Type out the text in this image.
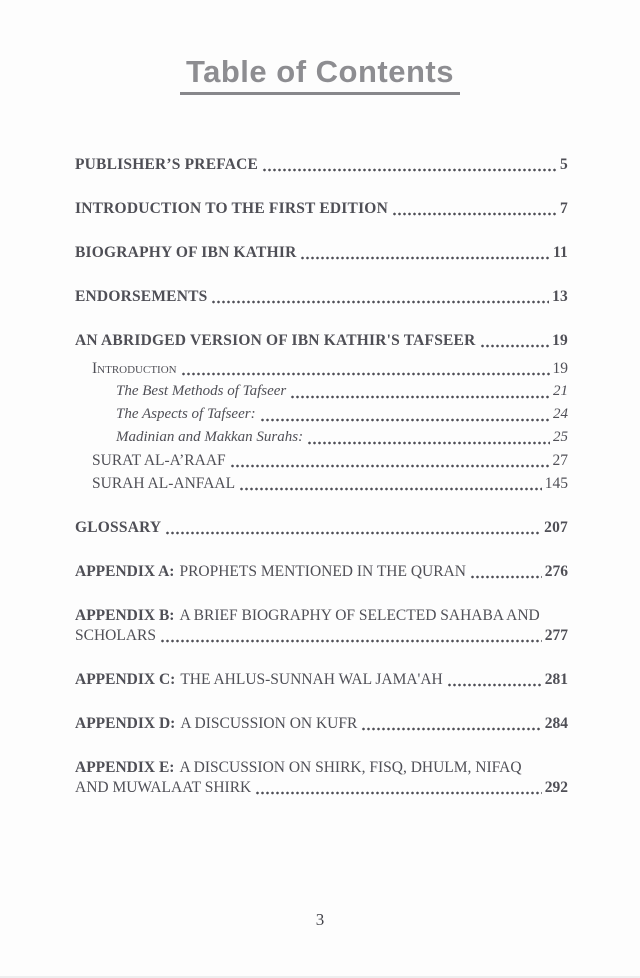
Table of Contents
PUBLISHER’S PREFACE	5
INTRODUCTION TO THE FIRST EDITION	7
BIOGRAPHY OF IBN KATHIR	11
ENDORSEMENTS	13
AN ABRIDGED VERSION OF IBN KATHIR'S TAFSEER	19
Introduction	19
The Best Methods of Tafseer	21
The Aspects of Tafseer:	24
Madinian and Makkan Surahs:	25
SURAT AL-A’RAAF	27
SURAH AL-ANFAAL	145
GLOSSARY	207
APPENDIX A: PROPHETS MENTIONED IN THE QURAN	276
APPENDIX B: A BRIEF BIOGRAPHY OF SELECTED SAHABA AND
SCHOLARS	277
APPENDIX C: THE AHLUS-SUNNAH WAL JAMA'AH	281
APPENDIX D: A DISCUSSION ON KUFR	284
APPENDIX E: A DISCUSSION ON SHIRK, FISQ, DHULM, NIFAQ
AND MUWALAAT SHIRK	292
3
